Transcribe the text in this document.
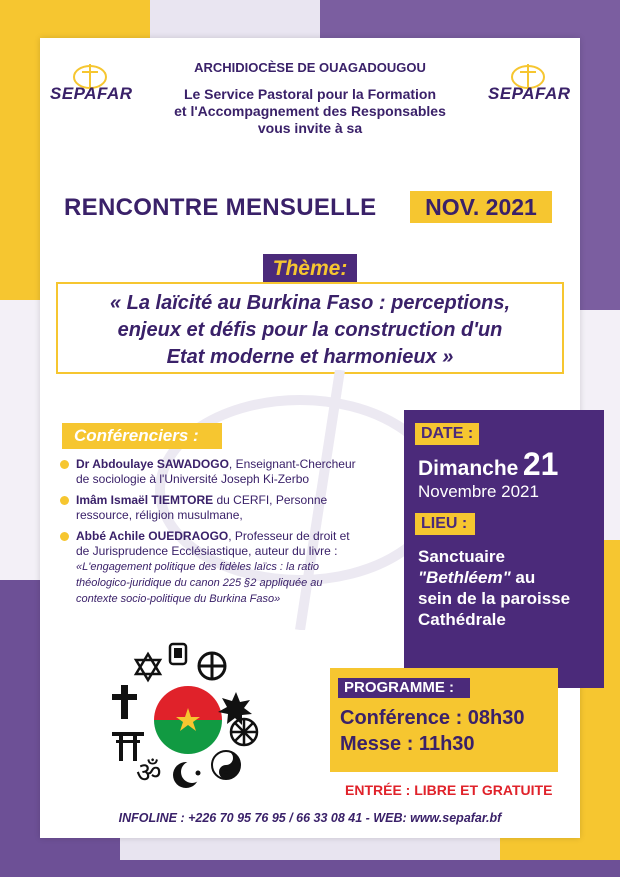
SEPAFAR	SEPAFAR
ARCHIDIOCÈSE DE OUAGADOUGOU
Le Service Pastoral pour la Formation
et l'Accompagnement des Responsables
vous invite à sa
RENCONTRE MENSUELLE	NOV. 2021
Thème:
« La laïcité au Burkina Faso : perceptions,
enjeux et défis pour la construction d'un
Etat moderne et harmonieux »
Conférenciers :
Dr Abdoulaye SAWADOGO, Enseignant-Chercheur
de sociologie à l'Université Joseph Ki-Zerbo
Imâm Ismaël TIEMTORE du CERFI, Personne
ressource, réligion musulmane,
Abbé Achile OUEDRAOGO, Professeur de droit et
de Jurisprudence Ecclésiastique, auteur du livre :
«L'engagement politique des fidèles laïcs : la ratio
théologico-juridique du canon 225 §2 appliquée au
contexte socio-politique du Burkina Faso»
ॐ
DATE :
Dimanche 21
Novembre 2021
LIEU :
Sanctuaire
"Bethléem" au
sein de la paroisse
Cathédrale
PROGRAMME :
Conférence : 08h30
Messe : 11h30
ENTRÉE : LIBRE ET GRATUITE
INFOLINE : +226 70 95 76 95 / 66 33 08 41 - WEB: www.sepafar.bf
